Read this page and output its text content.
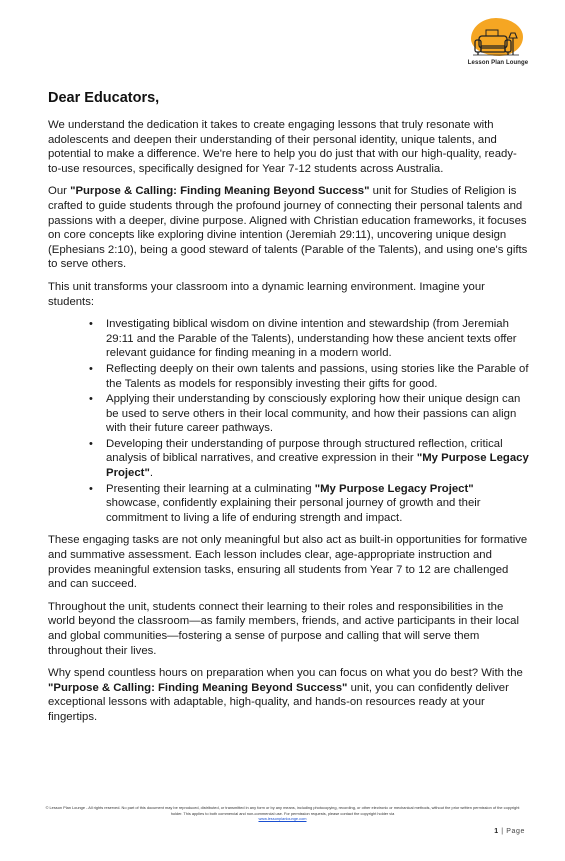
Lesson Plan Lounge
Dear Educators,

We understand the dedication it takes to create engaging lessons that truly resonate with adolescents and deepen their understanding of their personal identity, unique talents, and potential to make a difference. We're here to help you do just that with our high-quality, ready-to-use resources, specifically designed for Year 7-12 students across Australia.

Our "Purpose & Calling: Finding Meaning Beyond Success" unit for Studies of Religion is crafted to guide students through the profound journey of connecting their personal talents and passions with a deeper, divine purpose. Aligned with Christian education frameworks, it focuses on core concepts like exploring divine intention (Jeremiah 29:11), uncovering unique design (Ephesians 2:10), being a good steward of talents (Parable of the Talents), and using one's gifts to serve others.

This unit transforms your classroom into a dynamic learning environment. Imagine your students:

• Investigating biblical wisdom on divine intention and stewardship (from Jeremiah 29:11 and the Parable of the Talents), understanding how these ancient texts offer relevant guidance for finding meaning in a modern world.
• Reflecting deeply on their own talents and passions, using stories like the Parable of the Talents as models for responsibly investing their gifts for good.
• Applying their understanding by consciously exploring how their unique design can be used to serve others in their local community, and how their passions can align with their future career pathways.
• Developing their understanding of purpose through structured reflection, critical analysis of biblical narratives, and creative expression in their "My Purpose Legacy Project".
• Presenting their learning at a culminating "My Purpose Legacy Project" showcase, confidently explaining their personal journey of growth and their commitment to living a life of enduring strength and impact.

These engaging tasks are not only meaningful but also act as built-in opportunities for formative and summative assessment. Each lesson includes clear, age-appropriate instruction and provides meaningful extension tasks, ensuring all students from Year 7 to 12 are challenged and can succeed.

Throughout the unit, students connect their learning to their roles and responsibilities in the world beyond the classroom—as family members, friends, and active participants in their local and global communities—fostering a sense of purpose and calling that will serve them throughout their lives.

Why spend countless hours on preparation when you can focus on what you do best? With the "Purpose & Calling: Finding Meaning Beyond Success" unit, you can confidently deliver exceptional lessons with adaptable, high-quality, and hands-on resources ready at your fingertips.

© Lesson Plan Lounge - All rights reserved. No part of this document may be reproduced, distributed, or transmitted in any form or by any means, including photocopying, recording, or other electronic or mechanical methods, without the prior written permission of the copyright holder. This applies to both commercial and non-commercial use. For permission requests, please contact the copyright holder via
www.lessonplanlounge.com
1 | Page
